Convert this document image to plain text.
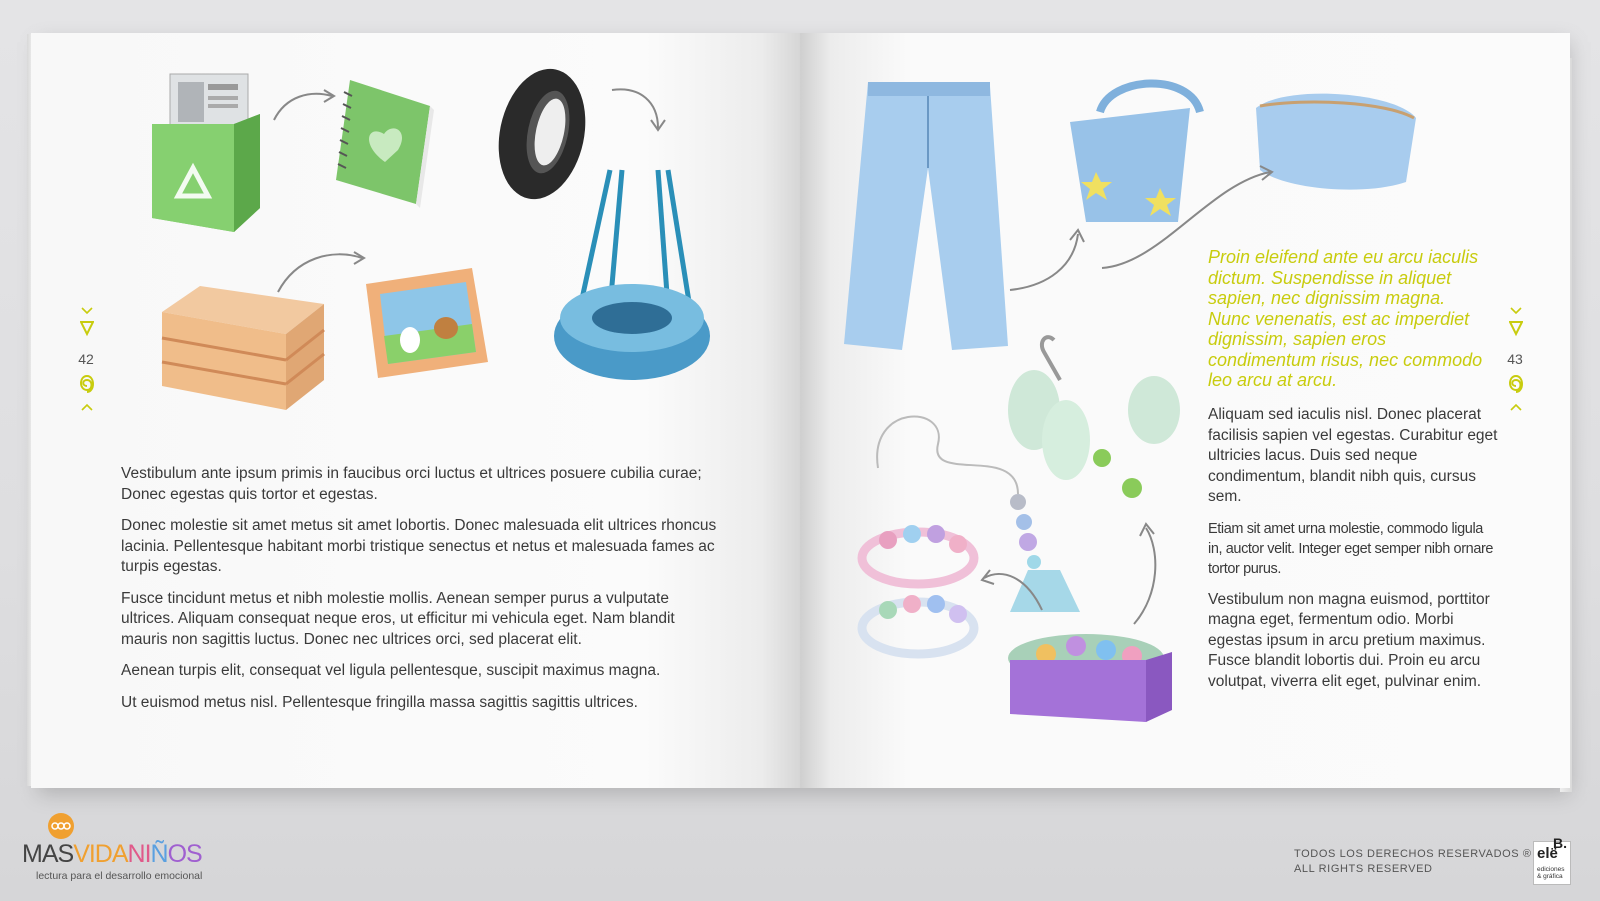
42	43

Vestibulum ante ipsum primis in faucibus orci luctus et ultrices posuere cubilia curae; Donec egestas quis tortor et egestas.

Donec molestie sit amet metus sit amet lobortis. Donec malesuada elit ultrices rhoncus lacinia. Pellentesque habitant morbi tristique senectus et netus et malesuada fames ac turpis egestas.

Fusce tincidunt metus et nibh molestie mollis. Aenean semper purus a vulputate ultrices. Aliquam consequat neque eros, ut efficitur mi vehicula eget. Nam blandit mauris non sagittis luctus. Donec nec ultrices orci, sed placerat elit.

Aenean turpis elit, consequat vel ligula pellentesque, suscipit maximus magna.

Ut euismod metus nisl. Pellentesque fringilla massa sagittis sagittis ultrices.

Proin eleifend ante eu arcu iaculis dictum. Suspendisse in aliquet sapien, nec dignissim magna. Nunc venenatis, est ac imperdiet dignissim, sapien eros condimentum risus, nec commodo leo arcu at arcu.

Aliquam sed iaculis nisl. Donec placerat facilisis sapien vel egestas. Curabitur eget ultricies lacus. Duis sed neque condimentum, blandit nibh quis, cursus sem.

Etiam sit amet urna molestie, commodo ligula in, auctor velit. Integer eget semper nibh ornare tortor purus.

Vestibulum non magna euismod, porttitor magna eget, fermentum odio. Morbi egestas ipsum in arcu pretium maximus. Fusce blandit lobortis dui. Proin eu arcu volutpat, viverra elit eget, pulvinar enim.

MASVIDANIÑOS
lectura para el desarrollo emocional
TODOS LOS DERECHOS RESERVADOS ®
ALL RIGHTS RESERVED
elë
ediciones & gráfica
B.
